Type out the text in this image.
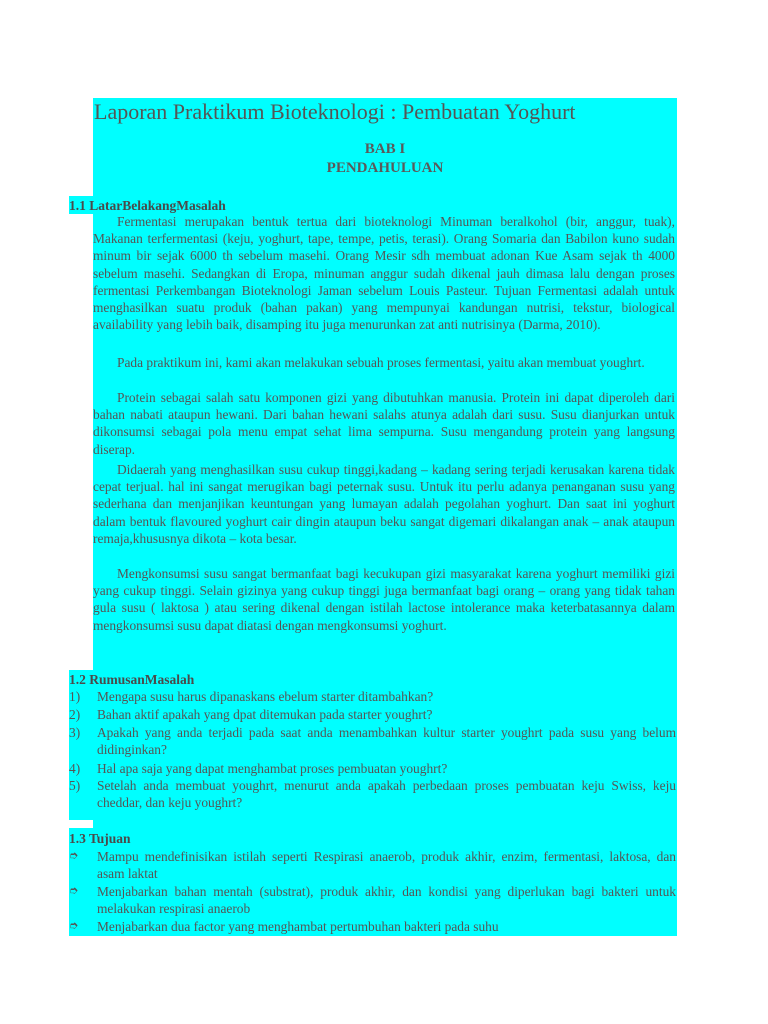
Laporan Praktikum Bioteknologi : Pembuatan Yoghurt
BAB I
PENDAHULUAN
1.1 LatarBelakangMasalah
Fermentasi merupakan bentuk tertua dari bioteknologi Minuman beralkohol (bir, anggur, tuak), Makanan terfermentasi (keju, yoghurt, tape, tempe, petis, terasi). Orang Somaria dan Babilon kuno sudah minum bir sejak 6000 th sebelum masehi. Orang Mesir sdh membuat adonan Kue Asam sejak th 4000 sebelum masehi. Sedangkan di Eropa, minuman anggur sudah dikenal jauh dimasa lalu dengan proses fermentasi Perkembangan Bioteknologi Jaman sebelum Louis Pasteur. Tujuan Fermentasi adalah untuk menghasilkan suatu produk (bahan pakan) yang mempunyai kandungan nutrisi, tekstur, biological availability yang lebih baik, disamping itu juga menurunkan zat anti nutrisinya (Darma, 2010).
Pada praktikum ini, kami akan melakukan sebuah proses fermentasi, yaitu akan membuat youghrt.
Protein sebagai salah satu komponen gizi yang dibutuhkan manusia. Protein ini dapat diperoleh dari bahan nabati ataupun hewani. Dari bahan hewani salahs atunya adalah dari susu. Susu dianjurkan untuk dikonsumsi sebagai pola menu empat sehat lima sempurna. Susu mengandung protein yang langsung diserap.
Didaerah yang menghasilkan susu cukup tinggi,kadang – kadang sering terjadi kerusakan karena tidak cepat terjual. hal ini sangat merugikan bagi peternak susu. Untuk itu perlu adanya penanganan susu yang sederhana dan menjanjikan keuntungan yang lumayan adalah pegolahan yoghurt. Dan saat ini yoghurt dalam bentuk flavoured yoghurt cair dingin ataupun beku sangat digemari dikalangan anak – anak ataupun remaja,khususnya dikota – kota besar.
Mengkonsumsi susu sangat bermanfaat bagi kecukupan gizi masyarakat karena yoghurt memiliki gizi yang cukup tinggi. Selain gizinya yang cukup tinggi juga bermanfaat bagi orang – orang yang tidak tahan gula susu ( laktosa ) atau sering dikenal dengan istilah lactose intolerance maka keterbatasannya dalam mengkonsumsi susu dapat diatasi dengan mengkonsumsi yoghurt.
1.2 RumusanMasalah
1)	Mengapa susu harus dipanaskans ebelum starter ditambahkan?
2)	Bahan aktif apakah yang dpat ditemukan pada starter youghrt?
3)	Apakah yang anda terjadi pada saat anda menambahkan kultur starter youghrt pada susu yang belum didinginkan?
4)	Hal apa saja yang dapat menghambat proses pembuatan youghrt?
5)	Setelah anda membuat youghrt, menurut anda apakah perbedaan proses pembuatan keju Swiss, keju cheddar, dan keju youghrt?
1.3 Tujuan
➮	Mampu mendefinisikan istilah seperti Respirasi anaerob, produk akhir, enzim, fermentasi, laktosa, dan asam laktat
➮	Menjabarkan bahan mentah (substrat), produk akhir, dan kondisi yang diperlukan bagi bakteri untuk melakukan respirasi anaerob
➮	Menjabarkan dua factor yang menghambat pertumbuhan bakteri pada suhu
